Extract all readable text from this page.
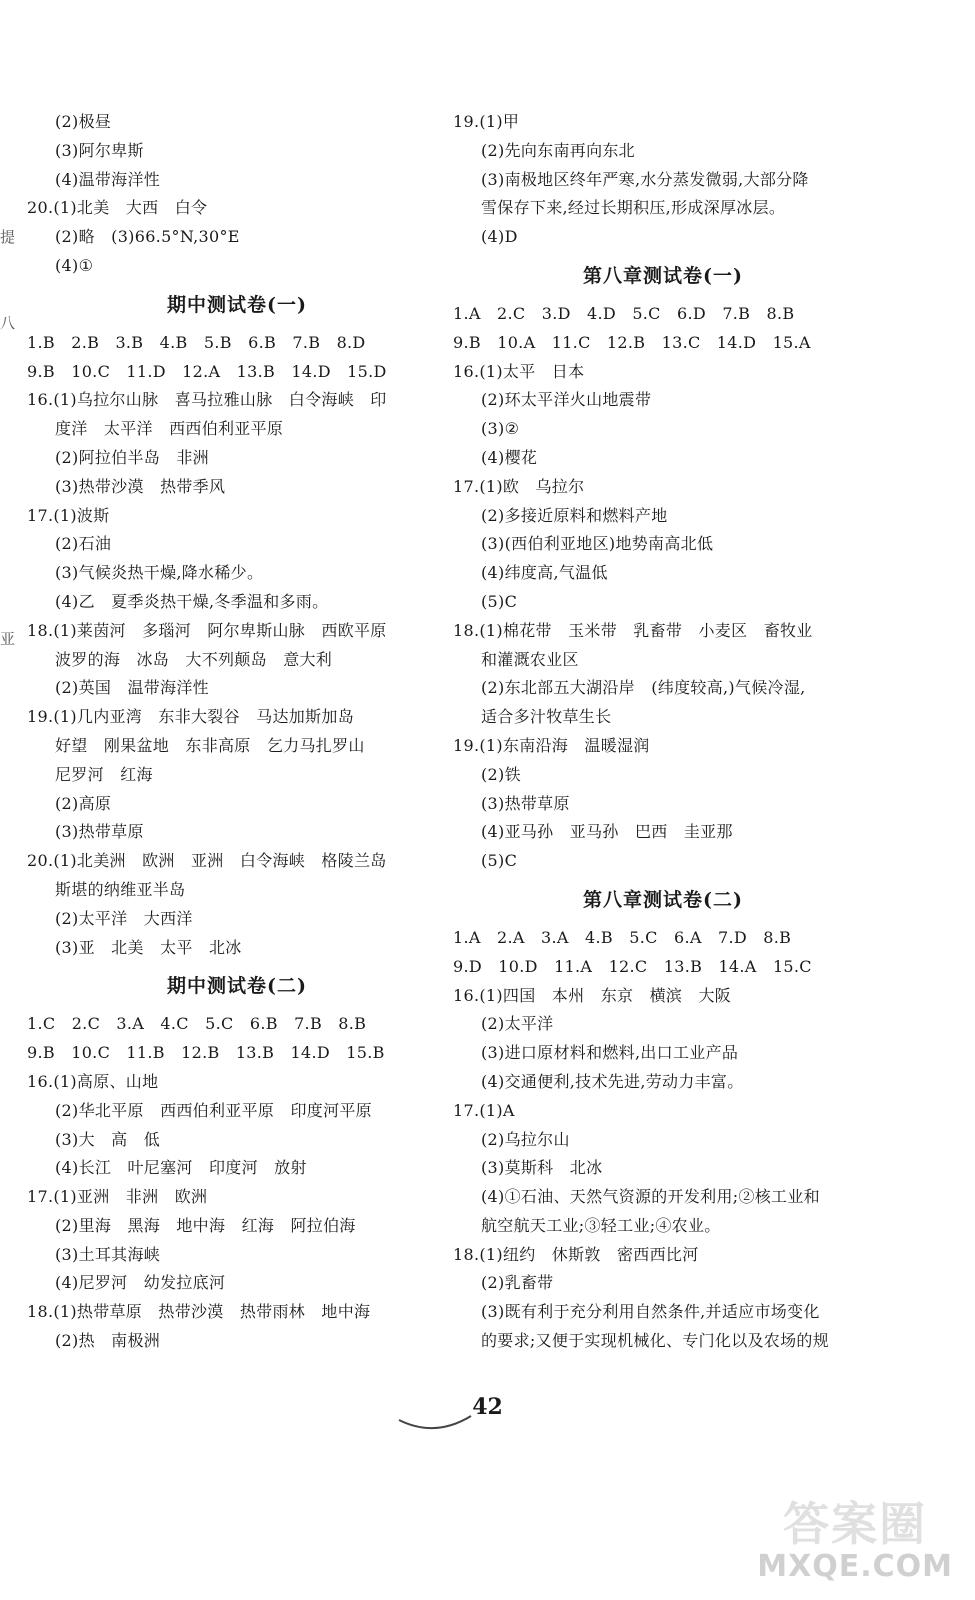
(2)极昼
(3)阿尔卑斯
(4)温带海洋性
20.(1)北美　大西　白令
(2)略　(3)66.5°N,30°E
(4)①
期中测试卷(一)
1.B　2.B　3.B　4.B　5.B　6.B　7.B　8.D
9.B　10.C　11.D　12.A　13.B　14.D　15.D
16.(1)乌拉尔山脉　喜马拉雅山脉　白令海峡　印
度洋　太平洋　西西伯利亚平原
(2)阿拉伯半岛　非洲
(3)热带沙漠　热带季风
17.(1)波斯
(2)石油
(3)气候炎热干燥,降水稀少。
(4)乙　夏季炎热干燥,冬季温和多雨。
18.(1)莱茵河　多瑙河　阿尔卑斯山脉　西欧平原
波罗的海　冰岛　大不列颠岛　意大利
(2)英国　温带海洋性
19.(1)几内亚湾　东非大裂谷　马达加斯加岛
好望　刚果盆地　东非高原　乞力马扎罗山
尼罗河　红海
(2)高原
(3)热带草原
20.(1)北美洲　欧洲　亚洲　白令海峡　格陵兰岛
斯堪的纳维亚半岛
(2)太平洋　大西洋
(3)亚　北美　太平　北冰
期中测试卷(二)
1.C　2.C　3.A　4.C　5.C　6.B　7.B　8.B
9.B　10.C　11.B　12.B　13.B　14.D　15.B
16.(1)高原、山地
(2)华北平原　西西伯利亚平原　印度河平原
(3)大　高　低
(4)长江　叶尼塞河　印度河　放射
17.(1)亚洲　非洲　欧洲
(2)里海　黑海　地中海　红海　阿拉伯海
(3)土耳其海峡
(4)尼罗河　幼发拉底河
18.(1)热带草原　热带沙漠　热带雨林　地中海
(2)热　南极洲
19.(1)甲
(2)先向东南再向东北
(3)南极地区终年严寒,水分蒸发微弱,大部分降
雪保存下来,经过长期积压,形成深厚冰层。
(4)D
第八章测试卷(一)
1.A　2.C　3.D　4.D　5.C　6.D　7.B　8.B
9.B　10.A　11.C　12.B　13.C　14.D　15.A
16.(1)太平　日本
(2)环太平洋火山地震带
(3)②
(4)樱花
17.(1)欧　乌拉尔
(2)多接近原料和燃料产地
(3)(西伯利亚地区)地势南高北低
(4)纬度高,气温低
(5)C
18.(1)棉花带　玉米带　乳畜带　小麦区　畜牧业
和灌溉农业区
(2)东北部五大湖沿岸　(纬度较高,)气候冷湿,
适合多汁牧草生长
19.(1)东南沿海　温暖湿润
(2)铁
(3)热带草原
(4)亚马孙　亚马孙　巴西　圭亚那
(5)C
第八章测试卷(二)
1.A　2.A　3.A　4.B　5.C　6.A　7.D　8.B
9.D　10.D　11.A　12.C　13.B　14.A　15.C
16.(1)四国　本州　东京　横滨　大阪
(2)太平洋
(3)进口原材料和燃料,出口工业产品
(4)交通便利,技术先进,劳动力丰富。
17.(1)A
(2)乌拉尔山
(3)莫斯科　北冰
(4)①石油、天然气资源的开发利用;②核工业和
航空航天工业;③轻工业;④农业。
18.(1)纽约　休斯敦　密西西比河
(2)乳畜带
(3)既有利于充分利用自然条件,并适应市场变化
的要求;又便于实现机械化、专门化以及农场的规
提
八
亚
42
答案圈
MXQE.COM
